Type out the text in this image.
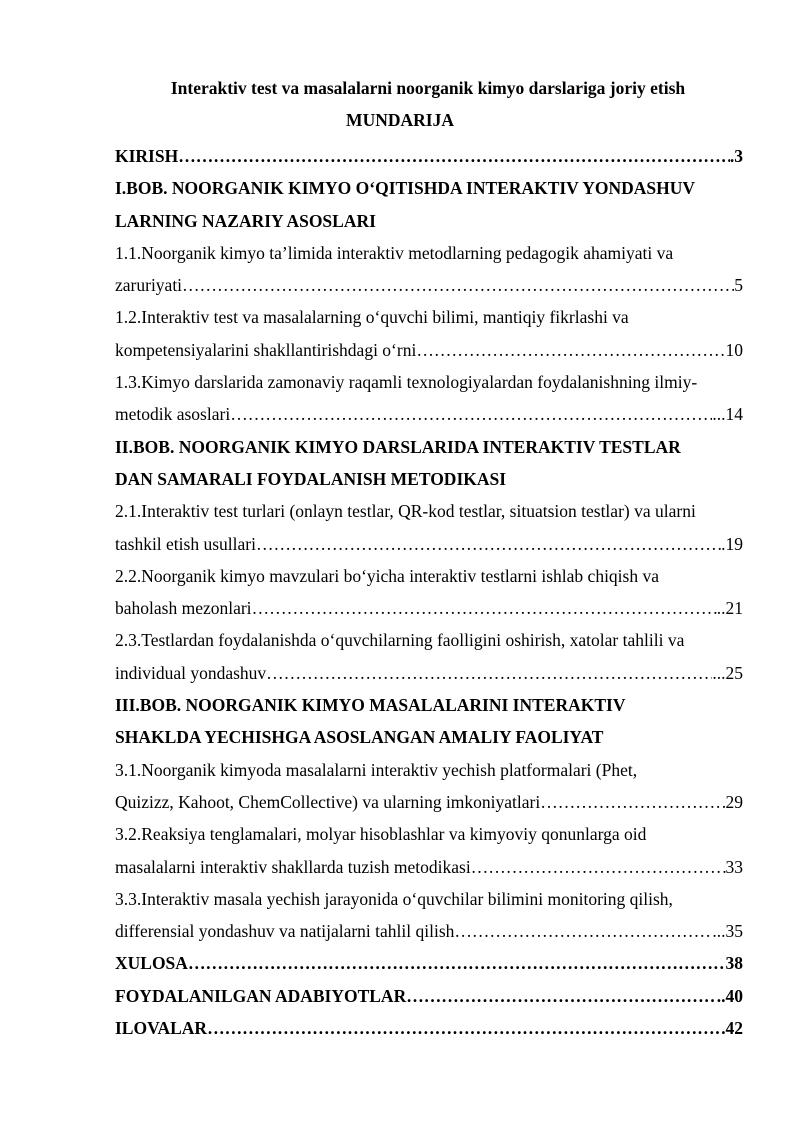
Interaktiv test va masalalarni noorganik kimyo darslariga joriy etish
MUNDARIJA
KIRISH …………………………………………………………………………………………………………………………………………………………………………………………………	.3
I.BOB. NOORGANIK KIMYO O‘QITISHDA INTERAKTIV YONDASHUV
LARNING NAZARIY ASOSLARI
1.1.Noorganik kimyo ta’limida interaktiv metodlarning pedagogik ahamiyati va
zaruriyati …………………………………………………………………………………………………………………………………………………………………………………………………	5
1.2.Interaktiv test va masalalarning o‘quvchi bilimi, mantiqiy fikrlashi va
kompetensiyalarini shakllantirishdagi o‘rni …………………………………………………………………………………………………………………………………………………………………………………………………	10
1.3.Kimyo darslarida zamonaviy raqamli texnologiyalardan foydalanishning ilmiy-
metodik asoslari …………………………………………………………………………………………………………………………………………………………………………………………………	...14
II.BOB. NOORGANIK KIMYO DARSLARIDA INTERAKTIV TESTLAR
DAN SAMARALI FOYDALANISH METODIKASI
2.1.Interaktiv test turlari (onlayn testlar, QR-kod testlar, situatsion testlar) va ularni
tashkil etish usullari …………………………………………………………………………………………………………………………………………………………………………………………………	.19
2.2.Noorganik kimyo mavzulari bo‘yicha interaktiv testlarni ishlab chiqish va
baholash mezonlari …………………………………………………………………………………………………………………………………………………………………………………………………	..21
2.3.Testlardan foydalanishda o‘quvchilarning faolligini oshirish, xatolar tahlili va
individual yondashuv …………………………………………………………………………………………………………………………………………………………………………………………………	...25
III.BOB. NOORGANIK KIMYO MASALALARINI INTERAKTIV
SHAKLDA YECHISHGA ASOSLANGAN AMALIY FAOLIYAT
3.1.Noorganik kimyoda masalalarni interaktiv yechish platformalari (Phet,
Quizizz, Kahoot, ChemCollective) va ularning imkoniyatlari …………………………………………………………………………………………………………………………………………………………………………………………………	29
3.2.Reaksiya tenglamalari, molyar hisoblashlar va kimyoviy qonunlarga oid
masalalarni interaktiv shakllarda tuzish metodikasi …………………………………………………………………………………………………………………………………………………………………………………………………	33
3.3.Interaktiv masala yechish jarayonida o‘quvchilar bilimini monitoring qilish,
differensial yondashuv va natijalarni tahlil qilish …………………………………………………………………………………………………………………………………………………………………………………………………	...35
XULOSA …………………………………………………………………………………………………………………………………………………………………………………………………	38
FOYDALANILGAN ADABIYOTLAR …………………………………………………………………………………………………………………………………………………………………………………………………	..40
ILOVALAR …………………………………………………………………………………………………………………………………………………………………………………………………	42
